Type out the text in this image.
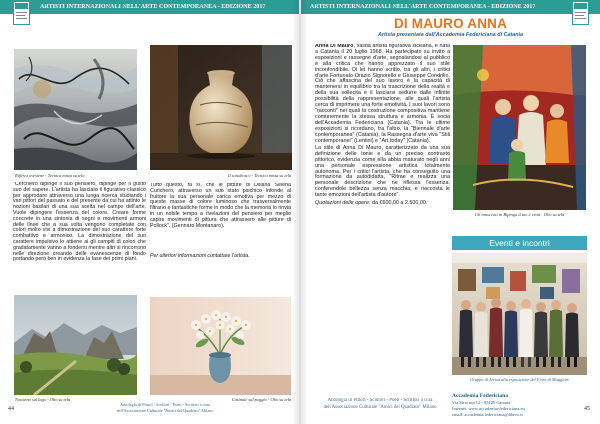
ARTISTI INTERNAZIONALI NELL'ARTE CONTEMPORANEA - EDIZIONE 2017
Riflessi ovestene - Tecnica mista su tela	Il sottobosco - Tecnica mista su tela

"Cerchiero dipinge il suo pensiero, dipinge per il gusto suo del sapere. L'artista ha lasciato il figurativo classico per approdare attraverso una lunga ricerca studiando i vari pittori del passato e del presente da cui ha attinto le nozioni basilari di una sua scelta nel campo dell'arte. Vuole dipingere l'essenza del colore. Creare forme concrete in una sintonia di segni e movimenti armoni delle linee che a sua volta vengono completate con colori molto vivi a dimostrazione del suo carattere forte combattivo e armonico. La dimostrazione del suo carattere impulsivo lo attiene ai gli campiti di colori che gradatamente vanno a fondersi mentre altri si rincorrono nelle direzione creando delle evanescenze di fondo portando però ben in evidenza la fase dei primi piani.

Tutto questo, fa sì, che le pitture di Diliana Selena Curichero, attraverso un suo stato psichico infonde al fruitore la sua personale carica emotiva per mezzo di queste masse di colore luminoso che trasversalmente filtrano e fantastiche forme in modo che la memoria lo rinvia in un nobile tempo a rivelazioni del pensiero per meglio capire movimenti di pittura che attrassero alle pitture di Pollock". (Gennaro Montanaro).

Per ulteriori informazioni contattare l'artista.
Notturno sul lago - Olio su tela	Casinale sul poggio - Olio su tela
44
Antologia di Pittori - Scultori - Poeti - Scrittori a cura
dell'Associazione Culturale "Amici del Quadrato" Milano
ARTISTI INTERNAZIONALI NELL'ARTE CONTEMPORANEA - EDIZIONE 2017
DI MAURO ANNA
Artista presentata dall'Accademia Federiciana di Catania

Anna Di Mauro, valida artista figurativa siciliana, è nata a Catania il 20 luglio 1968. Ha partecipato su invito a esposizioni e rassegne d'arte, segnalandosi al pubblico e alla critica che hanno apprezzato il suo stile inconfondibile. Di lei hanno scritto, tra gli altri, i critici d'arte Fortunato Orazio Signorello e Giuseppe Condrilio. Ciò che affascina del suo lavoro è la capacità di mantenersi in equilibrio tra la trascrizione della realtà e della sua sollecita e il lasciarsi sedurre dalle infinite possibilità della rappresentazione, alle quali l'artista cerca di imprimere una forte emotività. I suoi lavori sono "racconti" nei quali la costruzione compositiva mantiene comunemente la stessa struttura e armonia. È socia dell'Accademia Federiciana (Catania). Tra le ultime esposizioni si ricordano, tra l'altro, la "Biennale d'arte contemporanea" (Catania), la Rassegna d'arte viva "Stili contemporanei" (Lentini) e "Art today" (Catania).

La stile di Anna Di Mauro, caratterizzato da una sua definizione delle tonie e da un preciso contrasto pittorico, evidenzia come ella abbia maturato negli anni una personale espressione artistica totalmente autonoma. Per i critici l'artista, che ha conseguito una formazione da autodidatta, "Ritrae e realizza una personale descrizione che ne riflessa l'essenza, conferendole bellezza senza macchia; e riaccosta le tante emozioni dell'artista d'autore".

Quotazioni delle opere: da €600,00 a 2.500,00.

Gli innocenti in Bipingo il tuo e venti - Olio su tela
Eventi e incontri
Gruppo di Artisti alla esposizione del Fiore di Maggiore
Antologia di Pittori - Scultori - Poeti - Scrittori a cura
dell'Associazione Culturale "Amici del Quadrato" Milano
Accademia Federiciana
Via Siracusa 12 - 95129 Catania
Internet: www.accademia-federiciana.eu
email: accademia.federiciana@libero.it
45
